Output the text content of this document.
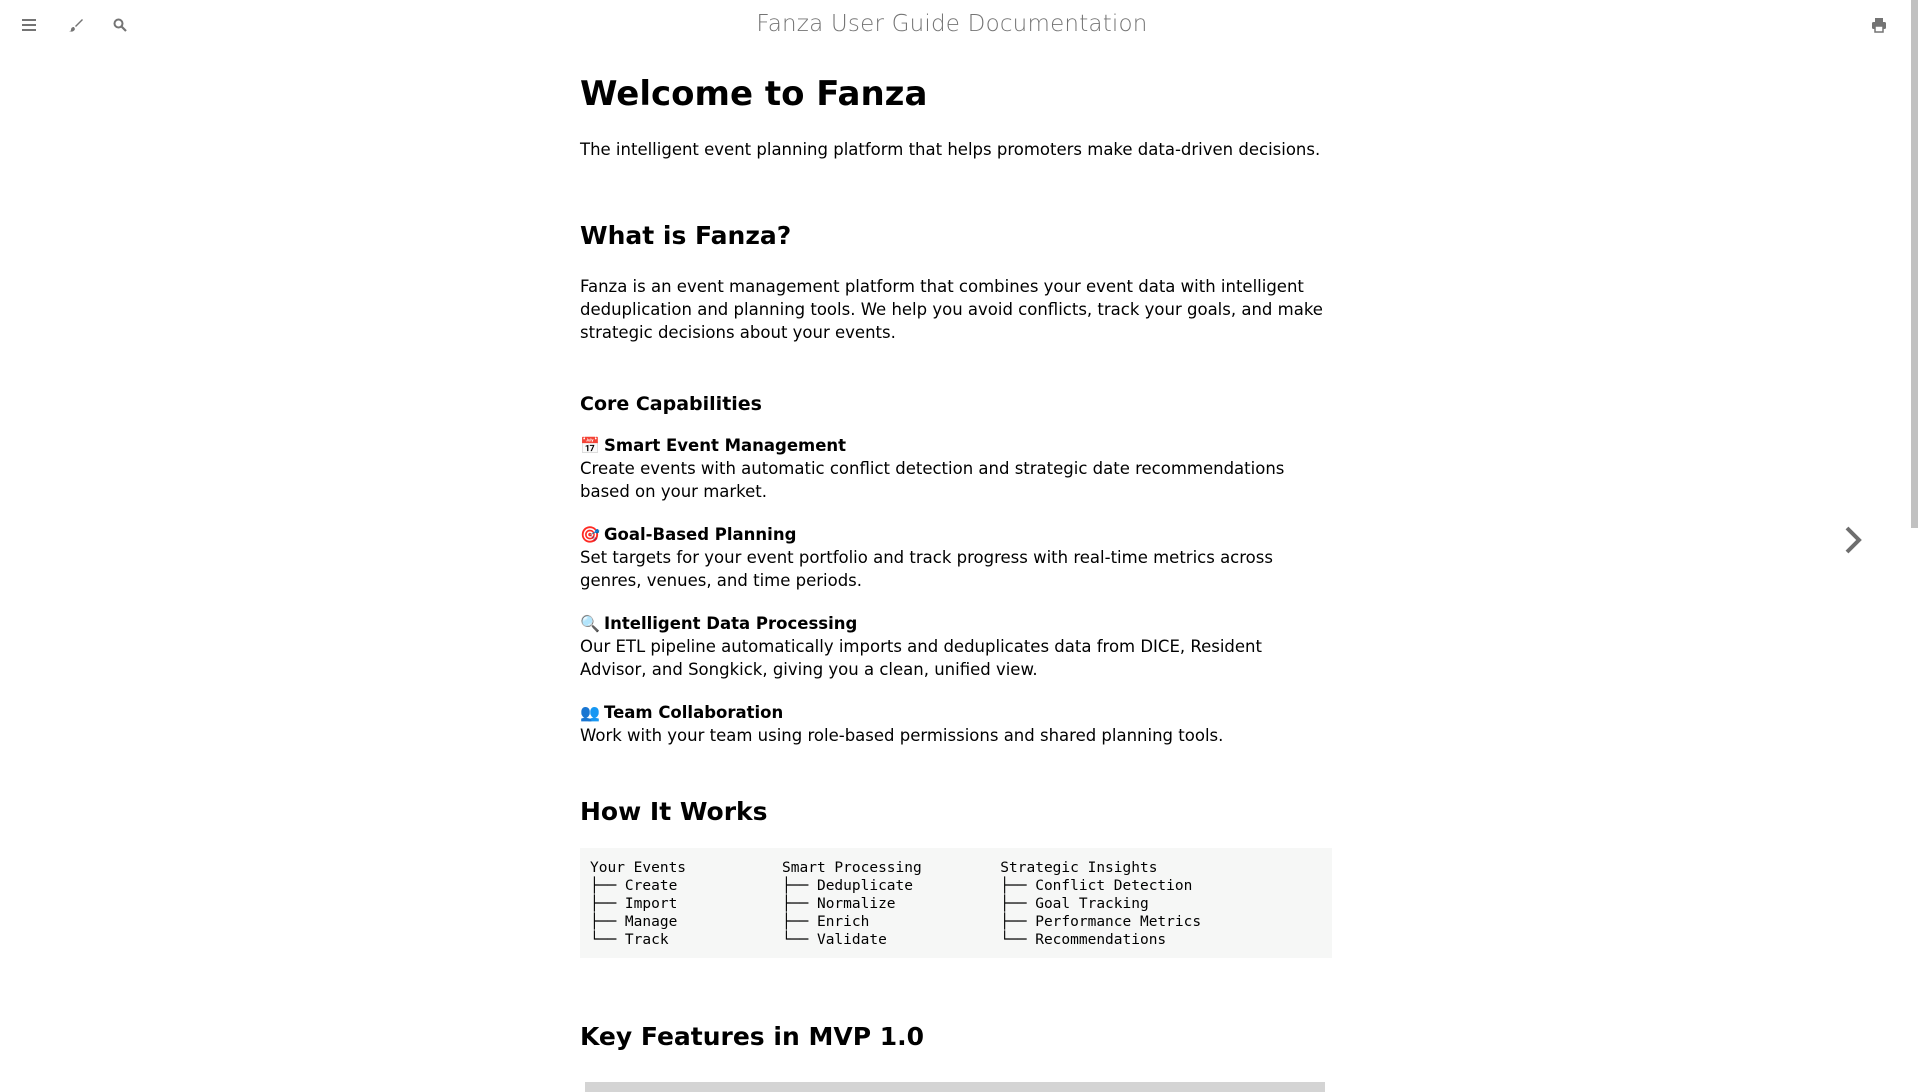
Fanza User Guide Documentation
Welcome to Fanza

The intelligent event planning platform that helps promoters make data-driven decisions.

What is Fanza?

Fanza is an event management platform that combines your event data with intelligent deduplication and planning tools. We help you avoid conflicts, track your goals, and make strategic decisions about your events.

Core Capabilities
📅 Smart Event Management
Create events with automatic conflict detection and strategic date recommendations based on your market.
🎯 Goal-Based Planning
Set targets for your event portfolio and track progress with real-time metrics across genres, venues, and time periods.
🔍 Intelligent Data Processing
Our ETL pipeline automatically imports and deduplicates data from DICE, Resident Advisor, and Songkick, giving you a clean, unified view.
👥 Team Collaboration
Work with your team using role-based permissions and shared planning tools.
How It Works
Your Events           Smart Processing         Strategic Insights
├── Create            ├── Deduplicate          ├── Conflict Detection
├── Import            ├── Normalize            ├── Goal Tracking
├── Manage            ├── Enrich               ├── Performance Metrics
└── Track             └── Validate             └── Recommendations
Key Features in MVP 1.0
